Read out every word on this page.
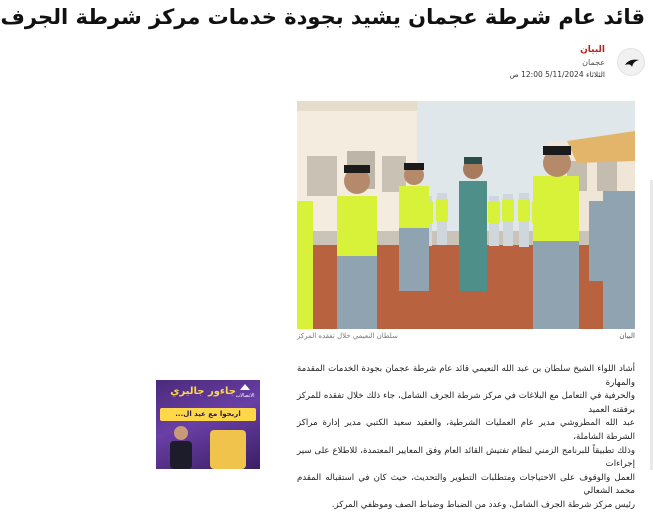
قائد عام شرطة عجمان يشيد بجودة خدمات مركز شرطة الجرف
البيان
عجمان
الثلاثاء 5/11/2024 12:00 ص
سلطان النعيمي خلال تفقده المركز	البيان

أشاد اللواء الشيخ سلطان بن عبد الله النعيمي قائد عام شرطة عجمان بجودة الخدمات المقدمة والمهارة

والحرفية في التعامل مع البلاغات في مركز شرطة الجرف الشامل، جاء ذلك خلال تفقده للمركز برفقته العميد

عبد الله المطروشي مدير عام العمليات الشرطية، والعقيد سعيد الكتبي مدير إدارة مراكز الشرطة الشاملة،

وذلك تطبيقاً للبرنامج الزمني لنظام تفتيش القائد العام وفق المعايير المعتمدة، للاطلاع على سير إجراءات

العمل والوقوف على الاحتياجات ومتطلبات التطوير والتحديث، حيث كان في استقباله المقدم محمد الشعالي

رئيس مركز شرطة الجرف الشامل، وعدد من الضباط وضباط الصف وموظفي المركز.

الاتصالات
جاءور جاليري
اربحوا مع عيد ال...
